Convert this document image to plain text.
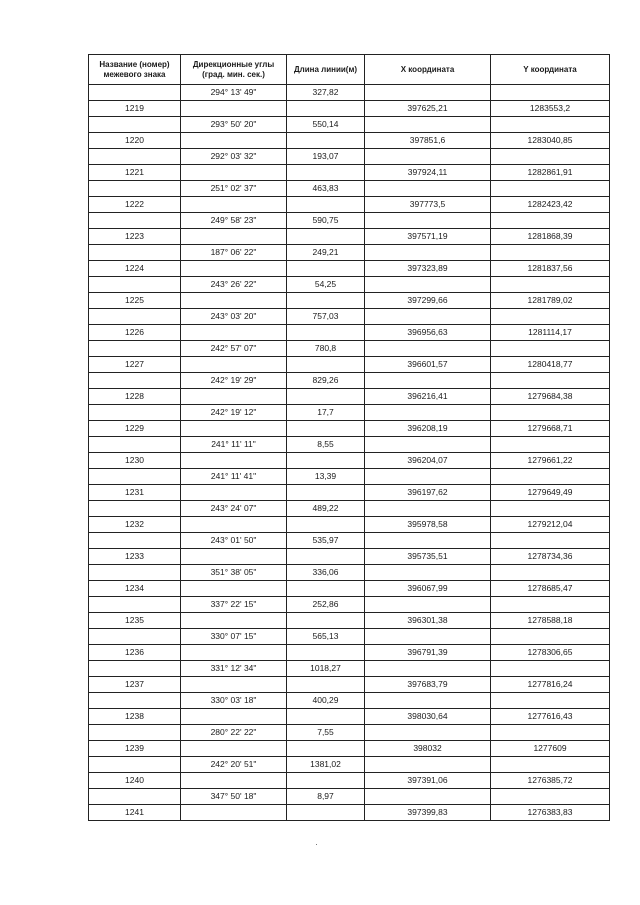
Название (номер) межевого знака	Дирекционные углы (град. мин. сек.)	Длина линии(м)	X координата	Y координата
	294° 13' 49"	327,82		
1219			397625,21	1283553,2
	293° 50' 20"	550,14		
1220			397851,6	1283040,85
	292° 03' 32"	193,07		
1221			397924,11	1282861,91
	251° 02' 37"	463,83		
1222			397773,5	1282423,42
	249° 58' 23"	590,75		
1223			397571,19	1281868,39
	187° 06' 22"	249,21		
1224			397323,89	1281837,56
	243° 26' 22"	54,25		
1225			397299,66	1281789,02
	243° 03' 20"	757,03		
1226			396956,63	1281114,17
	242° 57' 07"	780,8		
1227			396601,57	1280418,77
	242° 19' 29"	829,26		
1228			396216,41	1279684,38
	242° 19' 12"	17,7		
1229			396208,19	1279668,71
	241° 11' 11"	8,55		
1230			396204,07	1279661,22
	241° 11' 41"	13,39		
1231			396197,62	1279649,49
	243° 24' 07"	489,22		
1232			395978,58	1279212,04
	243° 01' 50"	535,97		
1233			395735,51	1278734,36
	351° 38' 05"	336,06		
1234			396067,99	1278685,47
	337° 22' 15"	252,86		
1235			396301,38	1278588,18
	330° 07' 15"	565,13		
1236			396791,39	1278306,65
	331° 12' 34"	1018,27		
1237			397683,79	1277816,24
	330° 03' 18"	400,29		
1238			398030,64	1277616,43
	280° 22' 22"	7,55		
1239			398032	1277609
	242° 20' 51"	1381,02		
1240			397391,06	1276385,72
	347° 50' 18"	8,97		
1241			397399,83	1276383,83
